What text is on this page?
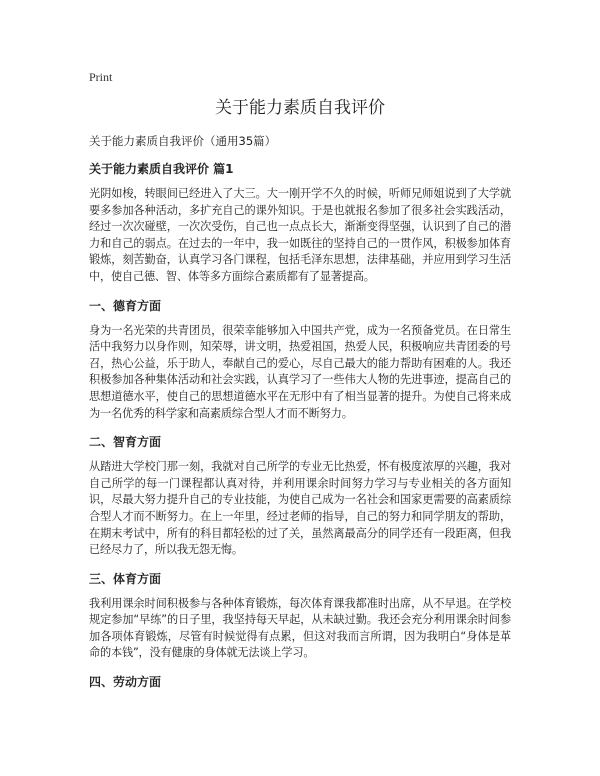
Print
关于能力素质自我评价
关于能力素质自我评价（通用35篇）
关于能力素质自我评价 篇1

光阴如梭，转眼间已经进入了大三。大一刚开学不久的时候，听师兄师姐说到了大学就要多参加各种活动，多扩充自己的课外知识。于是也就报名参加了很多社会实践活动，经过一次次碰壁，一次次受伤，自己也一点点长大，渐渐变得坚强，认识到了自己的潜力和自己的弱点。在过去的一年中，我一如既往的坚持自己的一贯作风，积极参加体育锻炼，刻苦勤奋，认真学习各门课程，包括毛泽东思想，法律基础，并应用到学习生活中，使自己德、智、体等多方面综合素质都有了显著提高。

一、德育方面

身为一名光荣的共青团员，很荣幸能够加入中国共产党，成为一名预备党员。在日常生活中我努力以身作则，知荣辱，讲文明，热爱祖国，热爱人民，积极响应共青团委的号召，热心公益，乐于助人，奉献自己的爱心，尽自己最大的能力帮助有困难的人。我还积极参加各种集体活动和社会实践，认真学习了一些伟大人物的先进事迹，提高自己的思想道德水平，使自己的思想道德水平在无形中有了相当显著的提升。为使自己将来成为一名优秀的科学家和高素质综合型人才而不断努力。

二、智育方面

从踏进大学校门那一刻，我就对自己所学的专业无比热爱，怀有极度浓厚的兴趣，我对自己所学的每一门课程都认真对待，并利用课余时间努力学习与专业相关的各方面知识，尽最大努力提升自己的专业技能，为使自己成为一名社会和国家更需要的高素质综合型人才而不断努力。在上一年里，经过老师的指导，自己的努力和同学朋友的帮助，在期末考试中，所有的科目都轻松的过了关，虽然离最高分的同学还有一段距离，但我已经尽力了，所以我无怨无悔。

三、体育方面

我利用课余时间积极参与各种体育锻炼，每次体育课我都准时出席，从不早退。在学校规定参加“早练”的日子里，我坚持每天早起，从未缺过勤。我还会充分利用课余时间参加各项体育锻炼，尽管有时候觉得有点累，但这对我而言所谓，因为我明白“身体是革命的本钱”，没有健康的身体就无法谈上学习。

四、劳动方面
